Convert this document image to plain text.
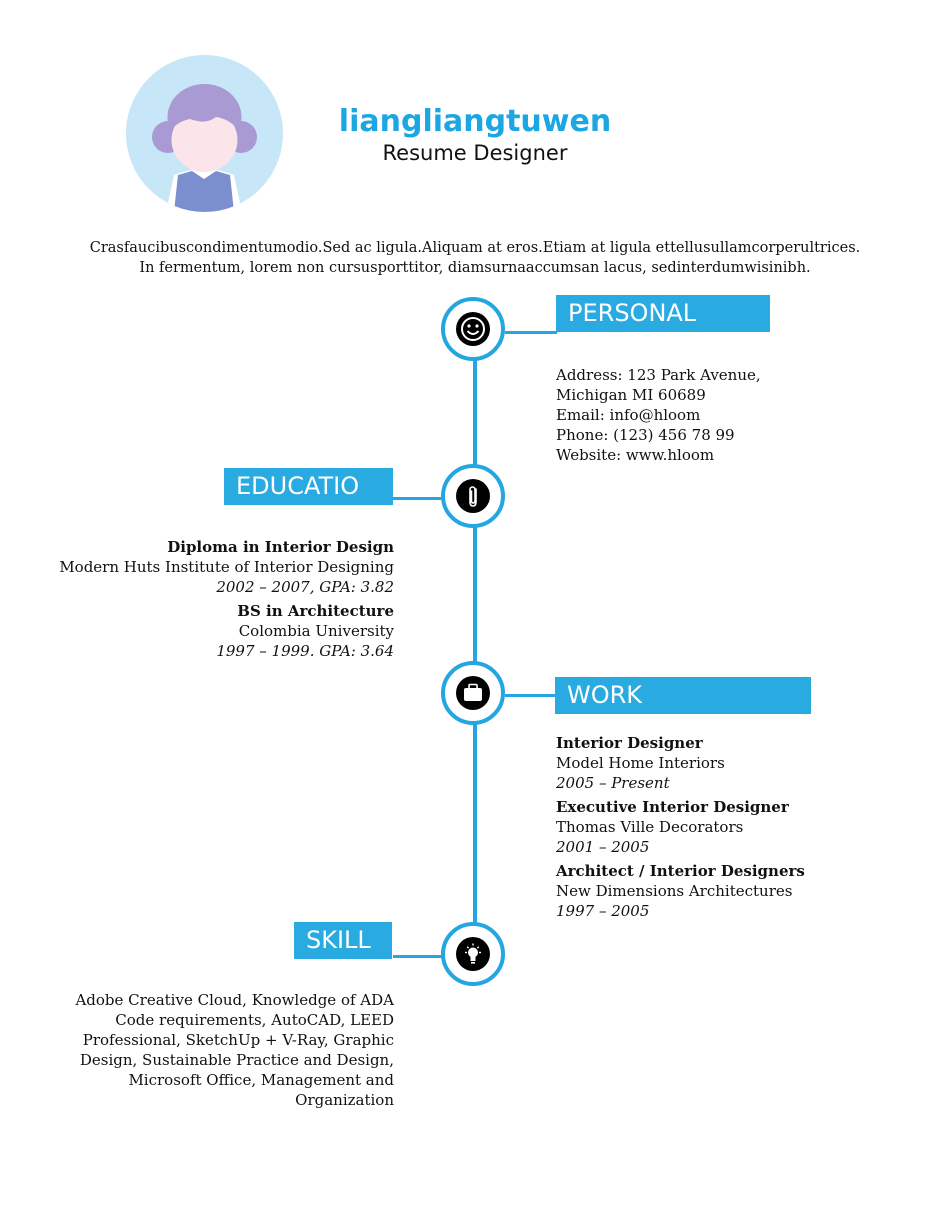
liangliangtuwen
Resume Designer
Crasfaucibuscondimentumodio.Sed ac ligula.Aliquam at eros.Etiam at ligula ettellusullamcorperultrices.
In fermentum, lorem non cursusporttitor, diamsurnaaccumsan lacus, sedinterdumwisinibh.
PERSONAL
Address: 123 Park Avenue,
Michigan MI 60689
Email: info@hloom
Phone: (123) 456 78 99
Website: www.hloom
EDUCATIO
Diploma in Interior Design
Modern Huts Institute of Interior Designing
2002 – 2007, GPA: 3.82
BS in Architecture
Colombia University
1997 – 1999. GPA: 3.64
WORK
Interior Designer
Model Home Interiors
2005 – Present
Executive Interior Designer
Thomas Ville Decorators
2001 – 2005
Architect / Interior Designers
New Dimensions Architectures
1997 – 2005
SKILL
Adobe Creative Cloud, Knowledge of ADA
Code requirements, AutoCAD, LEED
Professional, SketchUp + V-Ray, Graphic
Design, Sustainable Practice and Design,
Microsoft Office, Management and
Organization
